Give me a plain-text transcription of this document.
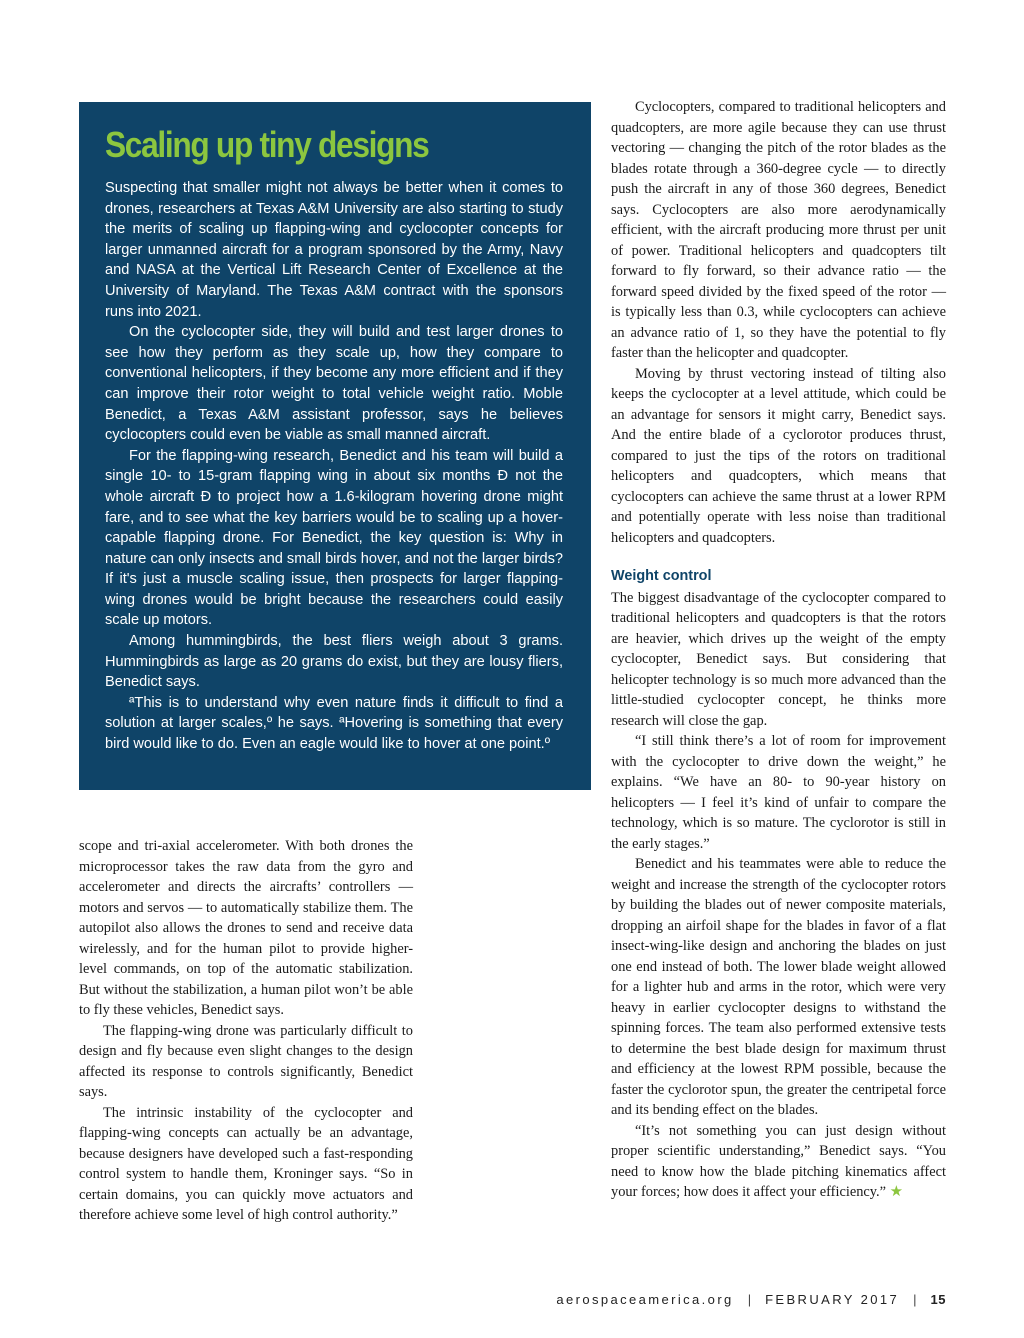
Scaling up tiny designs

Suspecting that smaller might not always be better when it comes to drones, researchers at Texas A&M University are also starting to study the merits of scaling up flapping-wing and cyclocopter concepts for larger unmanned aircraft for a program sponsored by the Army, Navy and NASA at the Vertical Lift Research Center of Excellence at the University of Maryland. The Texas A&M contract with the sponsors runs into 2021.

On the cyclocopter side, they will build and test larger drones to see how they perform as they scale up, how they compare to conventional helicopters, if they become any more efficient and if they can improve their rotor weight to total vehicle weight ratio. Moble Benedict, a Texas A&M assistant professor, says he believes cyclocopters could even be viable as small manned aircraft.

For the flapping-wing research, Benedict and his team will build a single 10- to 15-gram flapping wing in about six months Ð not the whole aircraft Ð to project how a 1.6-kilogram hovering drone might fare, and to see what the key barriers would be to scaling up a hover-capable flapping drone. For Benedict, the key question is: Why in nature can only insects and small birds hover, and not the larger birds? If it's just a muscle scaling issue, then prospects for larger flapping-wing drones would be bright because the researchers could easily scale up motors.

Among hummingbirds, the best fliers weigh about 3 grams. Hummingbirds as large as 20 grams do exist, but they are lousy fliers, Benedict says.

ªThis is to understand why even nature finds it difficult to find a solution at larger scales,º he says. ªHovering is something that every bird would like to do. Even an eagle would like to hover at one point.º

scope and tri-axial accelerometer. With both drones the microprocessor takes the raw data from the gyro and accelerometer and directs the aircrafts’ controllers — motors and servos — to automatically stabilize them. The autopilot also allows the drones to send and receive data wirelessly, and for the human pilot to provide higher-level commands, on top of the automatic stabilization. But without the stabilization, a human pilot won’t be able to fly these vehicles, Benedict says.

The flapping-wing drone was particularly difficult to design and fly because even slight changes to the design affected its response to controls significantly, Benedict says.

The intrinsic instability of the cyclocopter and flapping-wing concepts can actually be an advantage, because designers have developed such a fast-responding control system to handle them, Kroninger says. “So in certain domains, you can quickly move actuators and therefore achieve some level of high control authority.”

Cyclocopters, compared to traditional helicopters and quadcopters, are more agile because they can use thrust vectoring — changing the pitch of the rotor blades as the blades rotate through a 360-degree cycle — to directly push the aircraft in any of those 360 degrees, Benedict says. Cyclocopters are also more aerodynamically efficient, with the aircraft producing more thrust per unit of power. Traditional helicopters and quadcopters tilt forward to fly forward, so their advance ratio — the forward speed divided by the fixed speed of the rotor — is typically less than 0.3, while cyclocopters can achieve an advance ratio of 1, so they have the potential to fly faster than the helicopter and quadcopter.

Moving by thrust vectoring instead of tilting also keeps the cyclocopter at a level attitude, which could be an advantage for sensors it might carry, Benedict says. And the entire blade of a cyclorotor produces thrust, compared to just the tips of the rotors on traditional helicopters and quadcopters, which means that cyclocopters can achieve the same thrust at a lower RPM and potentially operate with less noise than traditional helicopters and quadcopters.

Weight control

The biggest disadvantage of the cyclocopter compared to traditional helicopters and quadcopters is that the rotors are heavier, which drives up the weight of the empty cyclocopter, Benedict says. But considering that helicopter technology is so much more advanced than the little-studied cyclocopter concept, he thinks more research will close the gap.

“I still think there’s a lot of room for improvement with the cyclocopter to drive down the weight,” he explains. “We have an 80- to 90-year history on helicopters — I feel it’s kind of unfair to compare the technology, which is so mature. The cyclorotor is still in the early stages.”

Benedict and his teammates were able to reduce the weight and increase the strength of the cyclocopter rotors by building the blades out of newer composite materials, dropping an airfoil shape for the blades in favor of a flat insect-wing-like design and anchoring the blades on just one end instead of both. The lower blade weight allowed for a lighter hub and arms in the rotor, which were very heavy in earlier cyclocopter designs to withstand the spinning forces. The team also performed extensive tests to determine the best blade design for maximum thrust and efficiency at the lowest RPM possible, because the faster the cyclorotor spun, the greater the centripetal force and its bending effect on the blades.

“It’s not something you can just design without proper scientific understanding,” Benedict says. “You need to know how the blade pitching kinematics affect your forces; how does it affect your efficiency.” ★

aerospaceamerica.org | FEBRUARY 2017 | 15
